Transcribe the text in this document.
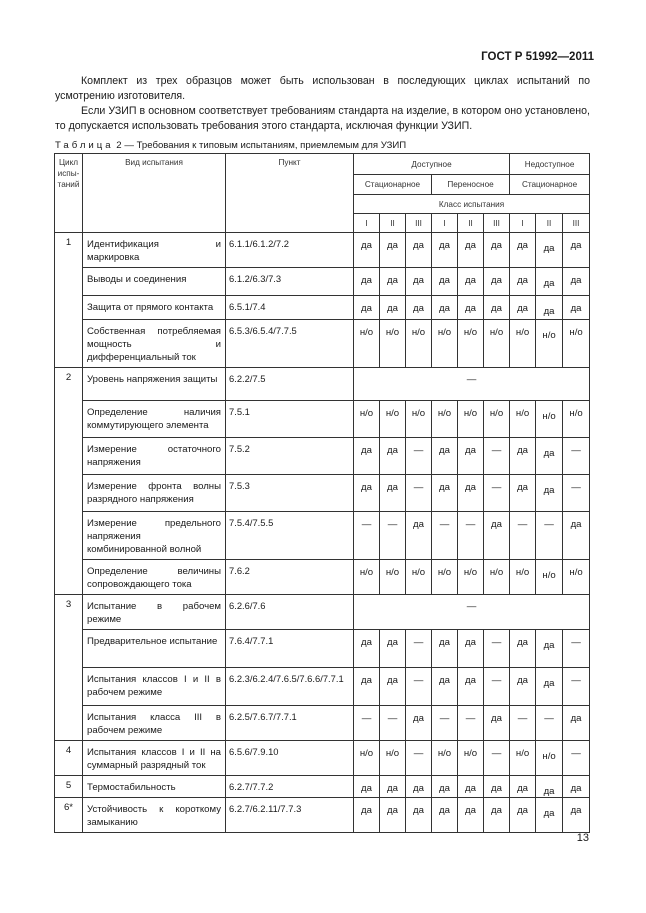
ГОСТ Р 51992—2011

Комплект из трех образцов может быть использован в последующих циклах испытаний по усмотрению изготовителя.

Если УЗИП в основном соответствует требованиям стандарта на изделие, в котором оно установлено, то допускается использовать требования этого стандарта, исключая функции УЗИП.

Таблица 2 — Требования к типовым испытаниям, приемлемым для УЗИП
Цикл испы-таний	Вид испытания	Пункт	Доступное						Недоступное		
			Стационарное			Переносное			Стационарное		
			Класс испытания								
			I	II	III	I	II	III	I	II	III
1	Идентификация и маркировка	6.1.1/6.1.2/7.2	да	да	да	да	да	да	да	да	да
	Выводы и соединения	6.1.2/6.3/7.3	да	да	да	да	да	да	да	да	да
	Защита от прямого контакта	6.5.1/7.4	да	да	да	да	да	да	да	да	да
	Собственная потребляемая мощность и дифференциальный ток	6.5.3/6.5.4/7.7.5	н/о	н/о	н/о	н/о	н/о	н/о	н/о	н/о	н/о
2	Уровень напряжения защиты	6.2.2/7.5	—								
	Определение наличия коммутирующего элемента	7.5.1	н/о	н/о	н/о	н/о	н/о	н/о	н/о	н/о	н/о
	Измерение остаточного напряжения	7.5.2	да	да	—	да	да	—	да	да	—
	Измерение фронта волны разрядного напряжения	7.5.3	да	да	—	да	да	—	да	да	—
	Измерение предельного напряжения комбинированной волной	7.5.4/7.5.5	—	—	да	—	—	да	—	—	да
	Определение величины сопровождающего тока	7.6.2	н/о	н/о	н/о	н/о	н/о	н/о	н/о	н/о	н/о
3	Испытание в рабочем режиме	6.2.6/7.6	—								
	Предварительное испытание	7.6.4/7.7.1	да	да	—	да	да	—	да	да	—
	Испытания классов I и II в рабочем режиме	6.2.3/6.2.4/7.6.5/7.6.6/7.7.1	да	да	—	да	да	—	да	да	—
	Испытания класса III в рабочем режиме	6.2.5/7.6.7/7.7.1	—	—	да	—	—	да	—	—	да
4	Испытания классов I и II на суммарный разрядный ток	6.5.6/7.9.10	н/о	н/о	—	н/о	н/о	—	н/о	н/о	—
5	Термостабильность	6.2.7/7.7.2	да	да	да	да	да	да	да	да	да
6*	Устойчивость к короткому замыканию	6.2.7/6.2.11/7.7.3	да	да	да	да	да	да	да	да	да
13
